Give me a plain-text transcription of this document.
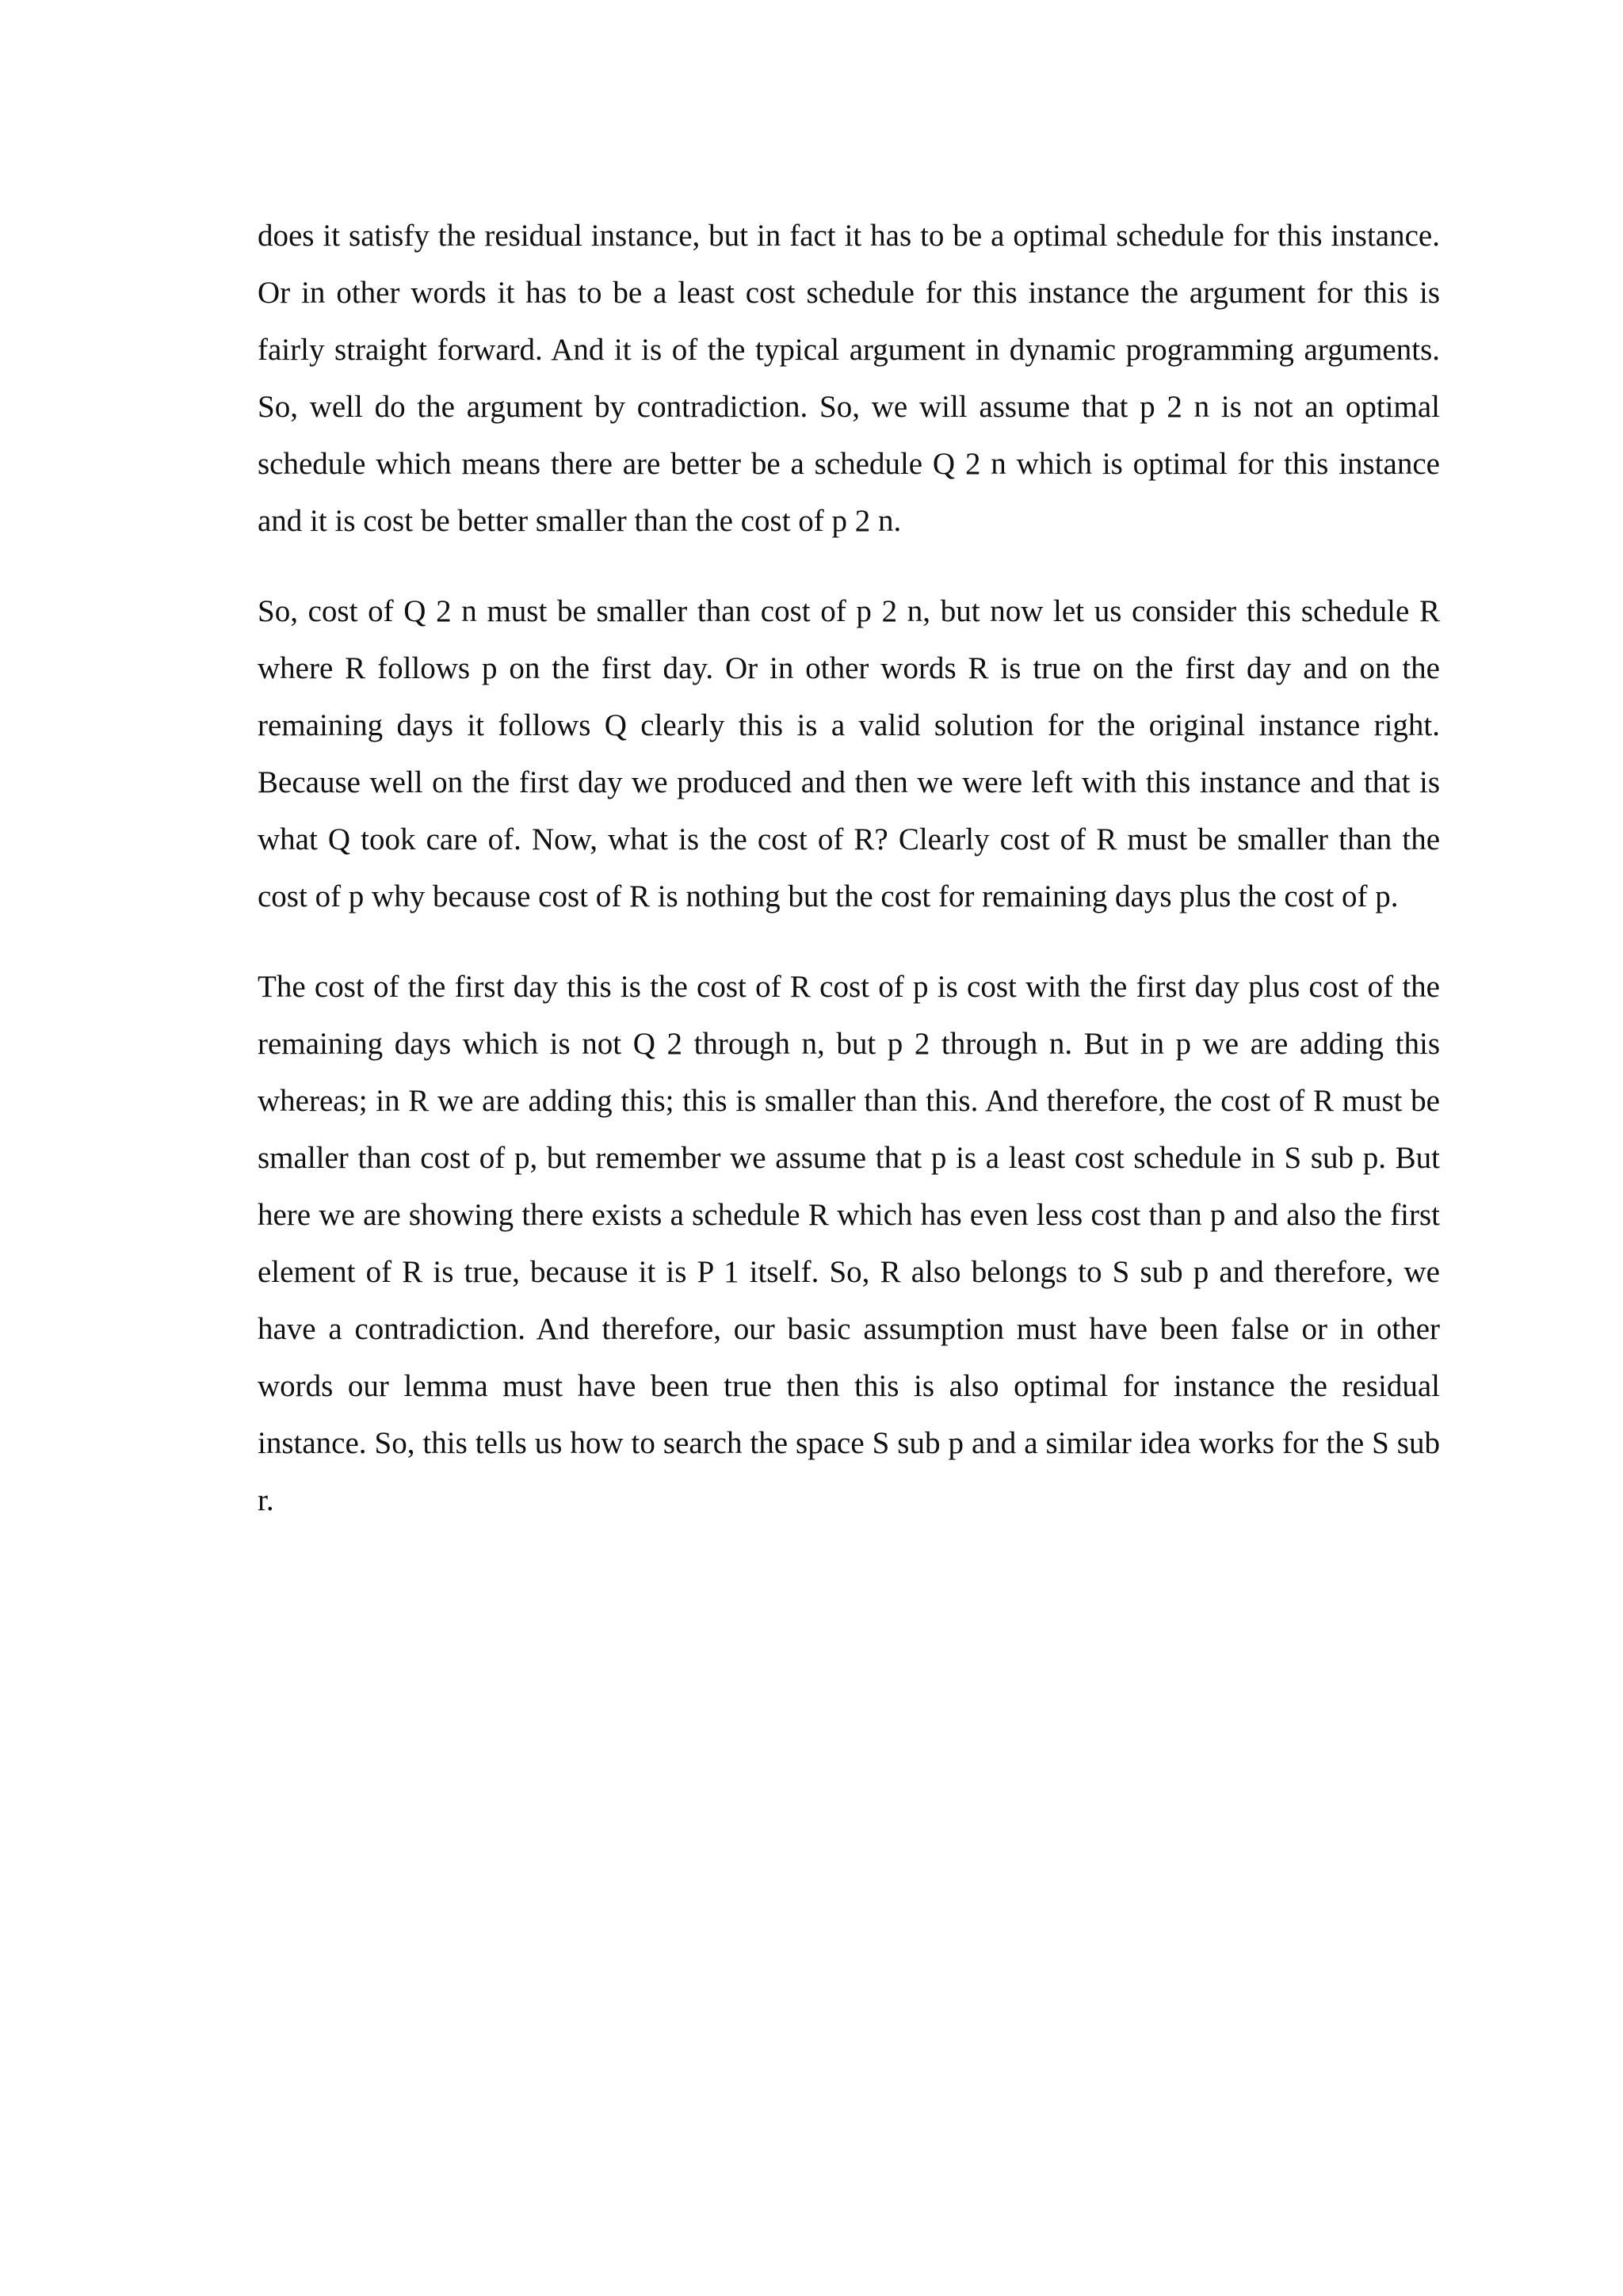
does it satisfy the residual instance, but in fact it has to be a optimal schedule for this instance. Or in other words it has to be a least cost schedule for this instance the argument for this is fairly straight forward. And it is of the typical argument in dynamic programming arguments. So, well do the argument by contradiction. So, we will assume that p 2 n is not an optimal schedule which means there are better be a schedule Q 2 n which is optimal for this instance and it is cost be better smaller than the cost of p 2 n.

So, cost of Q 2 n must be smaller than cost of p 2 n, but now let us consider this schedule R where R follows p on the first day. Or in other words R is true on the first day and on the remaining days it follows Q clearly this is a valid solution for the original instance right. Because well on the first day we produced and then we were left with this instance and that is what Q took care of. Now, what is the cost of R? Clearly cost of R must be smaller than the cost of p why because cost of R is nothing but the cost for remaining days plus the cost of p.

The cost of the first day this is the cost of R cost of p is cost with the first day plus cost of the remaining days which is not Q 2 through n, but p 2 through n. But in p we are adding this whereas; in R we are adding this; this is smaller than this. And therefore, the cost of R must be smaller than cost of p, but remember we assume that p is a least cost schedule in S sub p. But here we are showing there exists a schedule R which has even less cost than p and also the first element of R is true, because it is P 1 itself. So, R also belongs to S sub p and therefore, we have a contradiction. And therefore, our basic assumption must have been false or in other words our lemma must have been true then this is also optimal for instance the residual instance. So, this tells us how to search the space S sub p and a similar idea works for the S sub r.
